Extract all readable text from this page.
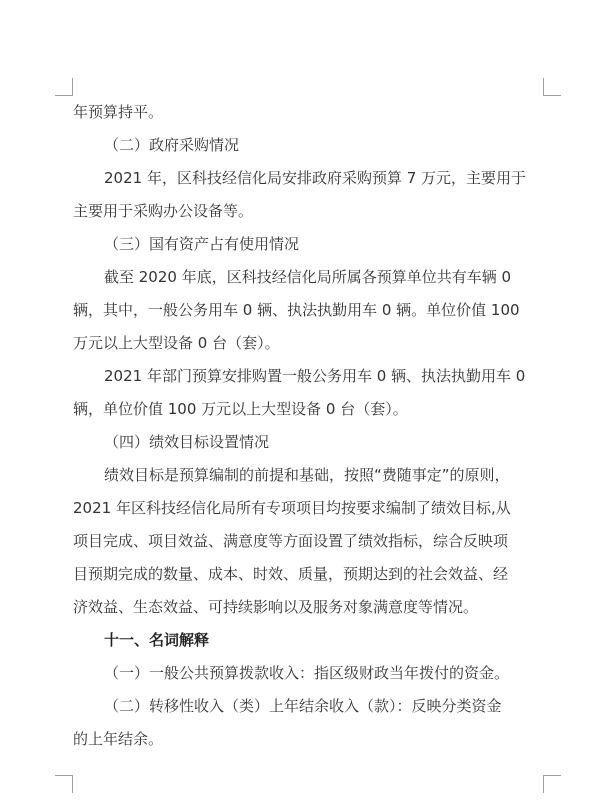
年预算持平。
（二）政府采购情况
2021 年，区科技经信化局安排政府采购预算 7 万元，主要用于
主要用于采购办公设备等。
（三）国有资产占有使用情况
截至 2020 年底，区科技经信化局所属各预算单位共有车辆 0
辆，其中，一般公务用车 0 辆、执法执勤用车 0 辆。单位价值 100
万元以上大型设备 0 台（套）。
2021 年部门预算安排购置一般公务用车 0 辆、执法执勤用车 0
辆，单位价值 100 万元以上大型设备 0 台（套）。
（四）绩效目标设置情况
绩效目标是预算编制的前提和基础，按照“费随事定”的原则，
2021 年区科技经信化局所有专项项目均按要求编制了绩效目标,从
项目完成、项目效益、满意度等方面设置了绩效指标，综合反映项
目预期完成的数量、成本、时效、质量，预期达到的社会效益、经
济效益、生态效益、可持续影响以及服务对象满意度等情况。
十一、名词解释
（一）一般公共预算拨款收入：指区级财政当年拨付的资金。
（二）转移性收入（类）上年结余收入（款）：反映分类资金
的上年结余。
